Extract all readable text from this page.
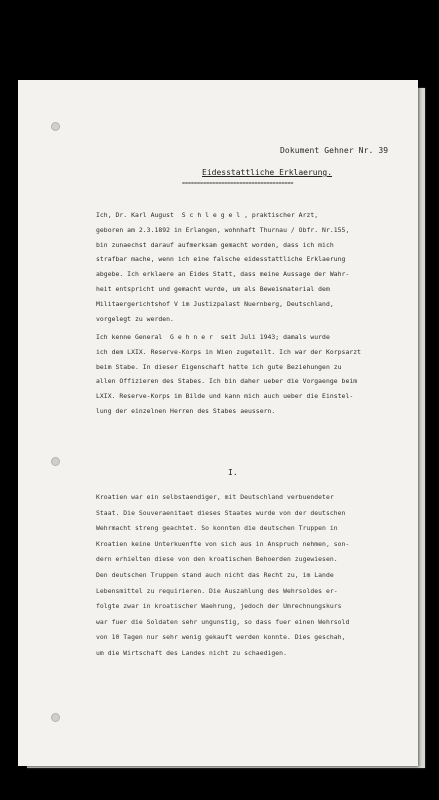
Dokument Gehner Nr. 39
Eidesstattliche Erklaerung.
=====================================

Ich, Dr. Karl August  S c h l e g e l , praktischer Arzt,
geboren am 2.3.1892 in Erlangen, wohnhaft Thurnau / Obfr. Nr.155,
bin zunaechst darauf aufmerksam gemacht worden, dass ich mich
strafbar mache, wenn ich eine falsche eidesstattliche Erklaerung
abgebe. Ich erklaere an Eides Statt, dass meine Aussage der Wahr-
heit entspricht und gemacht wurde, um als Beweismaterial dem
Militaergerichtshof V im Justizpalast Nuernberg, Deutschland,
vorgelegt zu werden.

Ich kenne General  G e h n e r  seit Juli 1943; damals wurde
ich dem LXIX. Reserve-Korps in Wien zugeteilt. Ich war der Korpsarzt
beim Stabe. In dieser Eigenschaft hatte ich gute Beziehungen zu
allen Offizieren des Stabes. Ich bin daher ueber die Vorgaenge beim
LXIX. Reserve-Korps im Bilde und kann mich auch ueber die Einstel-
lung der einzelnen Herren des Stabes aeussern.

I.

Kroatien war ein selbstaendiger, mit Deutschland verbuendeter
Staat. Die Souveraenitaet dieses Staates wurde von der deutschen
Wehrmacht streng geachtet. So konnten die deutschen Truppen in
Kroatien keine Unterkuenfte von sich aus in Anspruch nehmen, son-
dern erhielten diese von den kroatischen Behoerden zugewiesen.
Den deutschen Truppen stand auch nicht das Recht zu, im Lande
Lebensmittel zu requirieren. Die Auszahlung des Wehrsoldes er-
folgte zwar in kroatischer Waehrung, jedoch der Umrechnungskurs
war fuer die Soldaten sehr ungunstig, so dass fuer einen Wehrsold
von 10 Tagen nur sehr wenig gekauft werden konnte. Dies geschah,
um die Wirtschaft des Landes nicht zu schaedigen.
